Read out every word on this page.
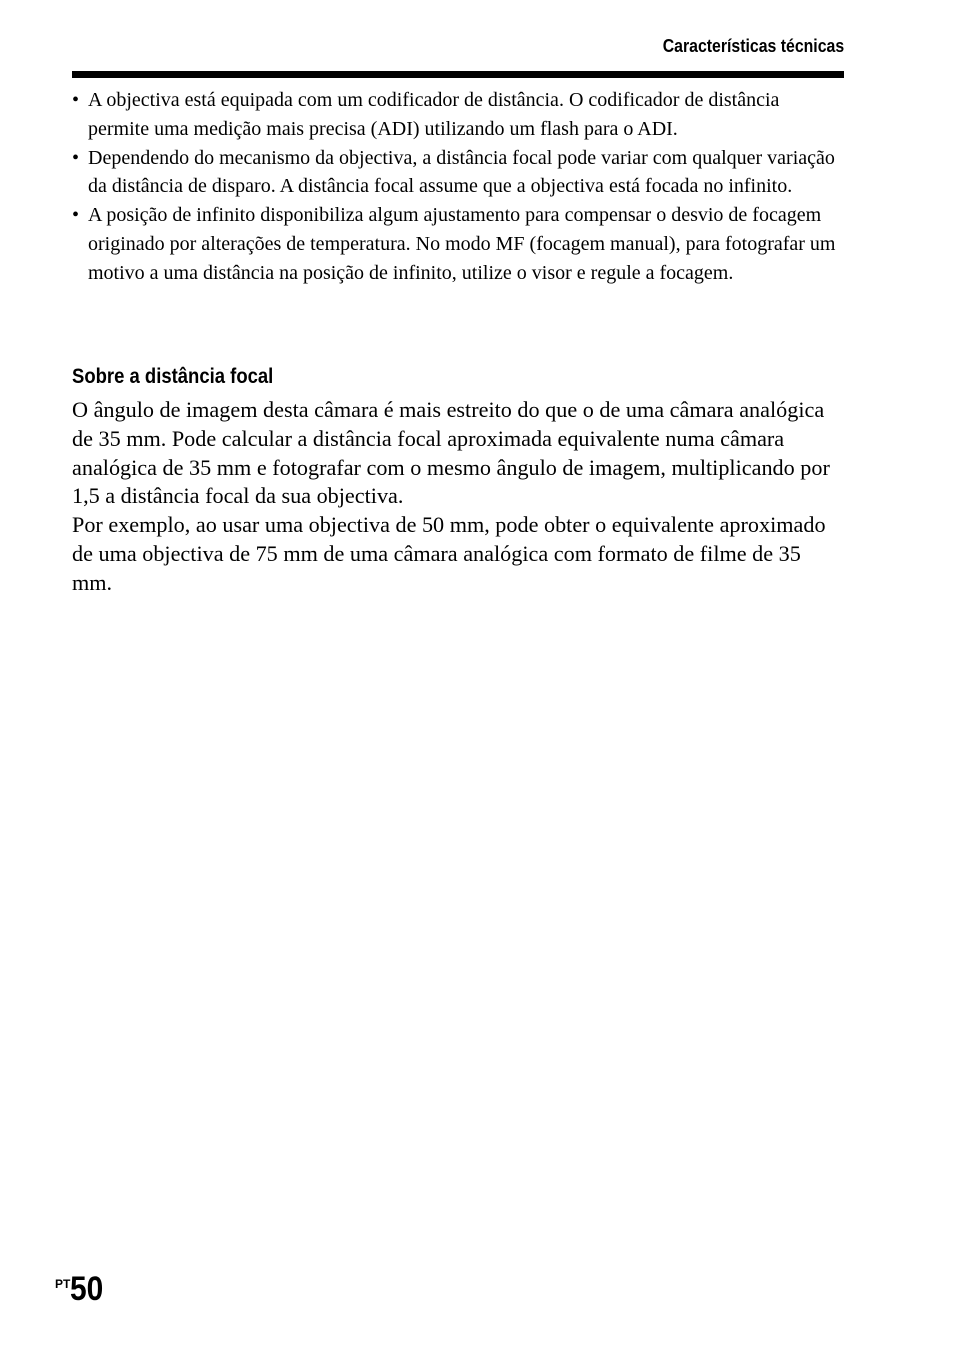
Características técnicas
• A objectiva está equipada com um codificador de distância. O codificador de distância permite uma medição mais precisa (ADI) utilizando um flash para o ADI.
• Dependendo do mecanismo da objectiva, a distância focal pode variar com qualquer variação da distância de disparo. A distância focal assume que a objectiva está focada no infinito.
• A posição de infinito disponibiliza algum ajustamento para compensar o desvio de focagem originado por alterações de temperatura. No modo MF (focagem manual), para fotografar um motivo a uma distância na posição de infinito, utilize o visor e regule a focagem.
Sobre a distância focal

O ângulo de imagem desta câmara é mais estreito do que o de uma câmara analógica de 35 mm. Pode calcular a distância focal aproximada equivalente numa câmara analógica de 35 mm e fotografar com o mesmo ângulo de imagem, multiplicando por 1,5 a distância focal da sua objectiva.

Por exemplo, ao usar uma objectiva de 50 mm, pode obter o equivalente aproximado de uma objectiva de 75 mm de uma câmara analógica com formato de filme de 35 mm.

$^{PT}$50
